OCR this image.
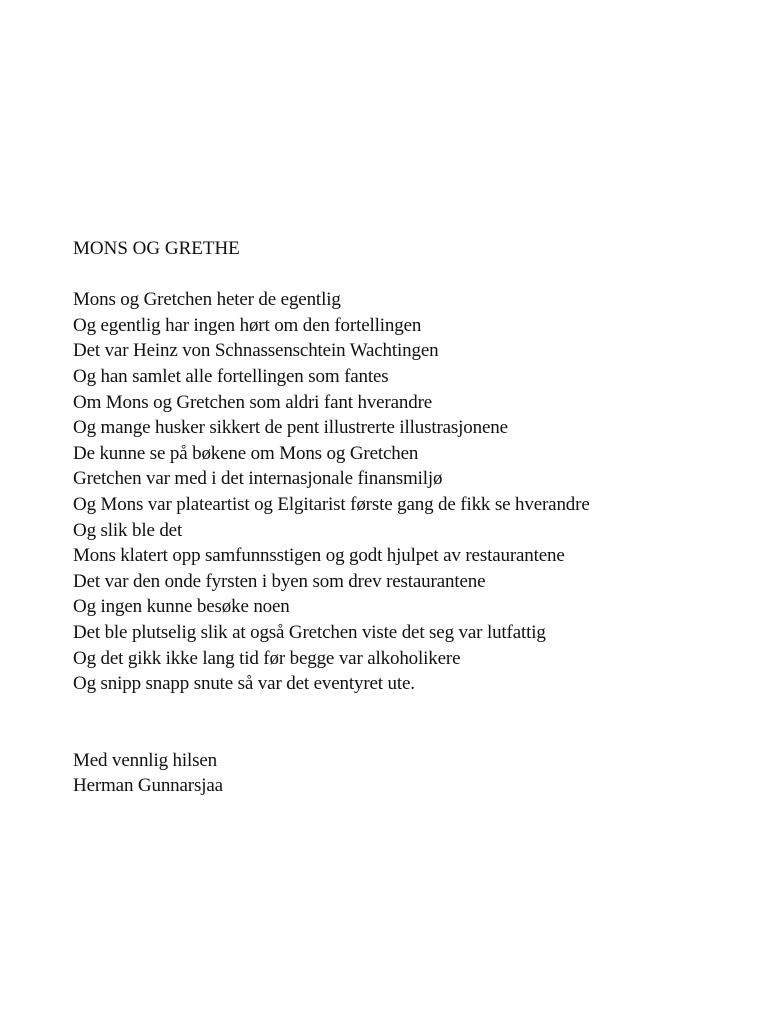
MONS OG GRETHE
Mons og Gretchen heter de egentlig
Og egentlig har ingen hørt om den fortellingen
Det var Heinz von Schnassenschtein Wachtingen
Og han samlet alle fortellingen som fantes
Om Mons og Gretchen som aldri fant hverandre
Og mange husker sikkert de pent illustrerte illustrasjonene
De kunne se på bøkene om Mons og Gretchen
Gretchen var med i det internasjonale finansmiljø
Og Mons var plateartist og Elgitarist første gang de fikk se hverandre
Og slik ble det
Mons klatert opp samfunnsstigen og godt hjulpet av restaurantene
Det var den onde fyrsten i byen som drev restaurantene
Og ingen kunne besøke noen
Det ble plutselig slik at også Gretchen viste det seg var lutfattig
Og det gikk ikke lang tid før begge var alkoholikere
Og snipp snapp snute så var det eventyret ute.
Med vennlig hilsen
Herman Gunnarsjaa
